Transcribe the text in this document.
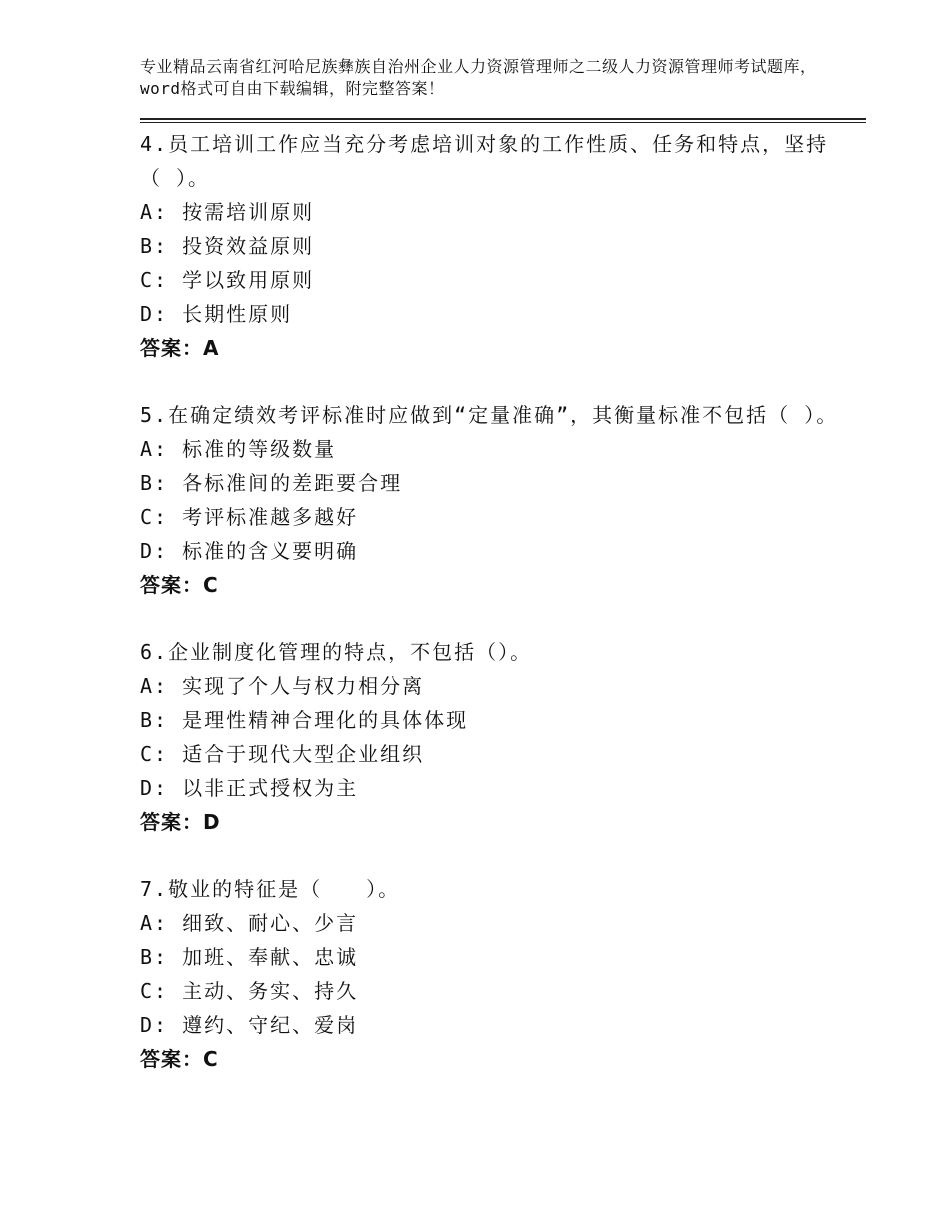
专业精品云南省红河哈尼族彝族自治州企业人力资源管理师之二级人力资源管理师考试题库，word格式可自由下载编辑，附完整答案！

4.员工培训工作应当充分考虑培训对象的工作性质、任务和特点，坚持（ ）。

A: 按需培训原则
B: 投资效益原则
C: 学以致用原则
D: 长期性原则

答案：A

5.在确定绩效考评标准时应做到“定量准确”，其衡量标准不包括（ ）。

A: 标准的等级数量
B: 各标准间的差距要合理
C: 考评标准越多越好
D: 标准的含义要明确

答案：C

6.企业制度化管理的特点，不包括（）。

A: 实现了个人与权力相分离
B: 是理性精神合理化的具体体现
C: 适合于现代大型企业组织
D: 以非正式授权为主

答案：D

7.敬业的特征是（　　）。

A: 细致、耐心、少言
B: 加班、奉献、忠诚
C: 主动、务实、持久
D: 遵约、守纪、爱岗

答案：C
